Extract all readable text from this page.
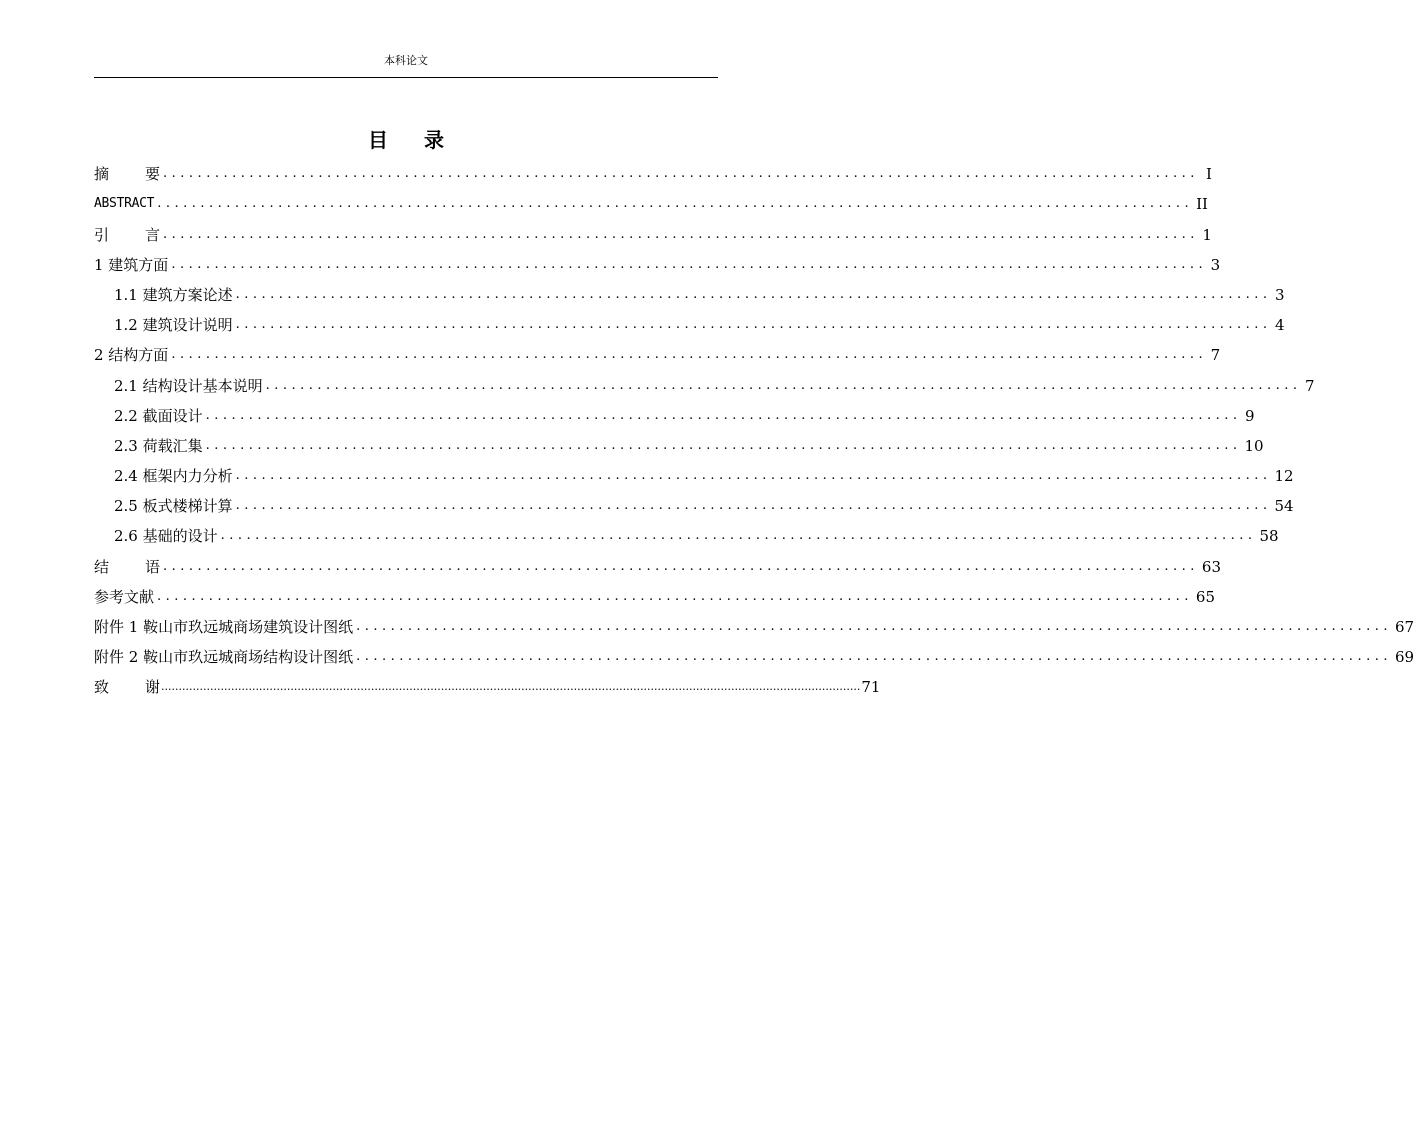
本科论文
目 录
摘 要 ........................................................................................................................ I
ABSTRACT ........................................................................................................................ II
引 言 ........................................................................................................................ 1
1 建筑方面 ........................................................................................................................ 3
1.1 建筑方案论述 ........................................................................................................................ 3
1.2 建筑设计说明 ........................................................................................................................ 4
2 结构方面 ........................................................................................................................ 7
2.1 结构设计基本说明 ........................................................................................................................ 7
2.2 截面设计 ........................................................................................................................ 9
2.3 荷载汇集 ........................................................................................................................ 10
2.4 框架内力分析 ........................................................................................................................ 12
2.5 板式楼梯计算 ........................................................................................................................ 54
2.6 基础的设计 ........................................................................................................................ 58
结 语 ........................................................................................................................ 63
参考文献 ........................................................................................................................ 65
附件 1 鞍山市玖远城商场建筑设计图纸 ........................................................................................................................ 67
附件 2 鞍山市玖远城商场结构设计图纸 ........................................................................................................................ 69
致 谢 ........................................................................................................................................................................................................ 71
